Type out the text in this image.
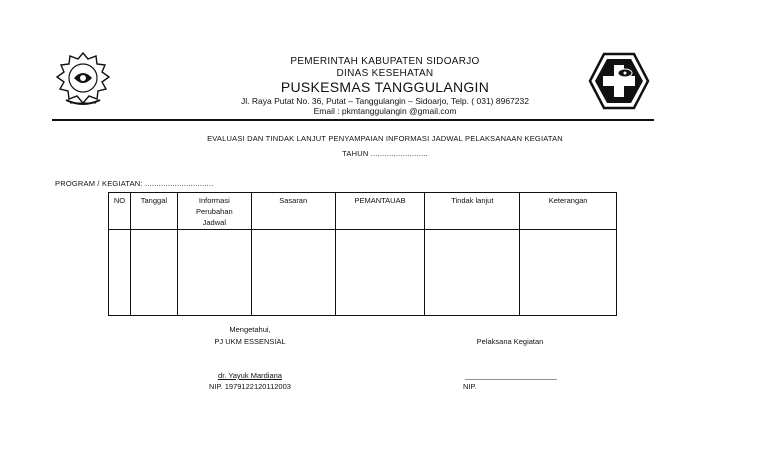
PEMERINTAH KABUPATEN SIDOARJO
DINAS KESEHATAN
PUSKESMAS TANGGULANGIN
Jl. Raya Putat No. 36, Putat – Tanggulangin – Sidoarjo, Telp. ( 031) 8967232
Email : pkmtanggulangin @gmail.com
EVALUASI DAN TINDAK LANJUT PENYAMPAIAN INFORMASI JADWAL PELAKSANAAN KEGIATAN
TAHUN .........................
PROGRAM / KEGIATAN: ..............................
NO	Tanggal	Informasi Perubahan Jadwal	Sasaran	PEMANTAUAB	Tindak lanjut	Keterangan

Mengetahui,
PJ UKM ESSENSIAL
dr. Yayuk Mardiana
NIP. 1979122120112003
Pelaksana Kegiatan
______________________
NIP.
